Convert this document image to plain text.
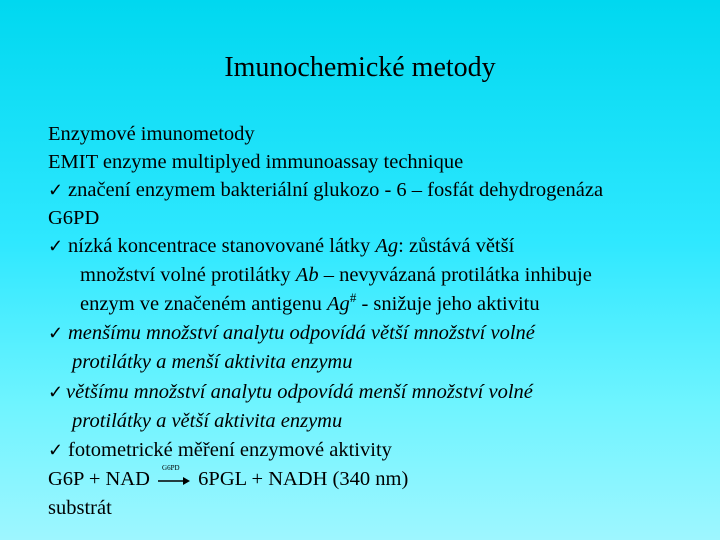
Imunochemické metody
Enzymové imunometody
EMIT enzyme multiplyed immunoassay technique
✓ značení enzymem bakteriální glukozo - 6 – fosfát dehydrogenáza
G6PD
✓ nízká koncentrace stanovované látky Ag: zůstává větší
množství volné protilátky Ab – nevyvázaná protilátka inhibuje
enzym ve značeném antigenu Ag# - snižuje jeho aktivitu
✓ menšímu množství analytu odpovídá větší množství volné
protilátky a menší aktivita enzymu
✓ většímu množství analytu odpovídá menší množství volné
protilátky a větší aktivita enzymu
✓ fotometrické měření enzymové aktivity
G6P + NAD G6PD 6PGL + NADH (340 nm)
substrát
